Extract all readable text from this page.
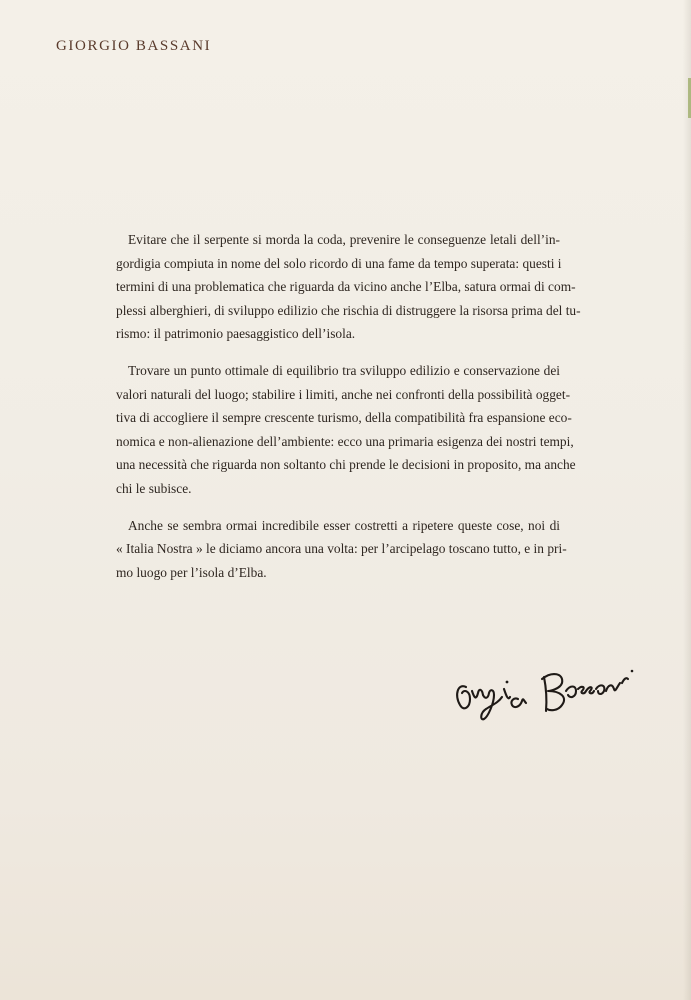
GIORGIO BASSANI
Evitare che il serpente si morda la coda, prevenire le conseguenze letali dell’in-
gordigia compiuta in nome del solo ricordo di una fame da tempo superata: questi i
termini di una problematica che riguarda da vicino anche l’Elba, satura ormai di com-
plessi alberghieri, di sviluppo edilizio che rischia di distruggere la risorsa prima del tu-
rismo: il patrimonio paesaggistico dell’isola.
Trovare un punto ottimale di equilibrio tra sviluppo edilizio e conservazione dei
valori naturali del luogo; stabilire i limiti, anche nei confronti della possibilità ogget-
tiva di accogliere il sempre crescente turismo, della compatibilità fra espansione eco-
nomica e non-alienazione dell’ambiente: ecco una primaria esigenza dei nostri tempi,
una necessità che riguarda non soltanto chi prende le decisioni in proposito, ma anche
chi le subisce.
Anche se sembra ormai incredibile esser costretti a ripetere queste cose, noi di
« Italia Nostra » le diciamo ancora una volta: per l’arcipelago toscano tutto, e in pri-
mo luogo per l’isola d’Elba.
